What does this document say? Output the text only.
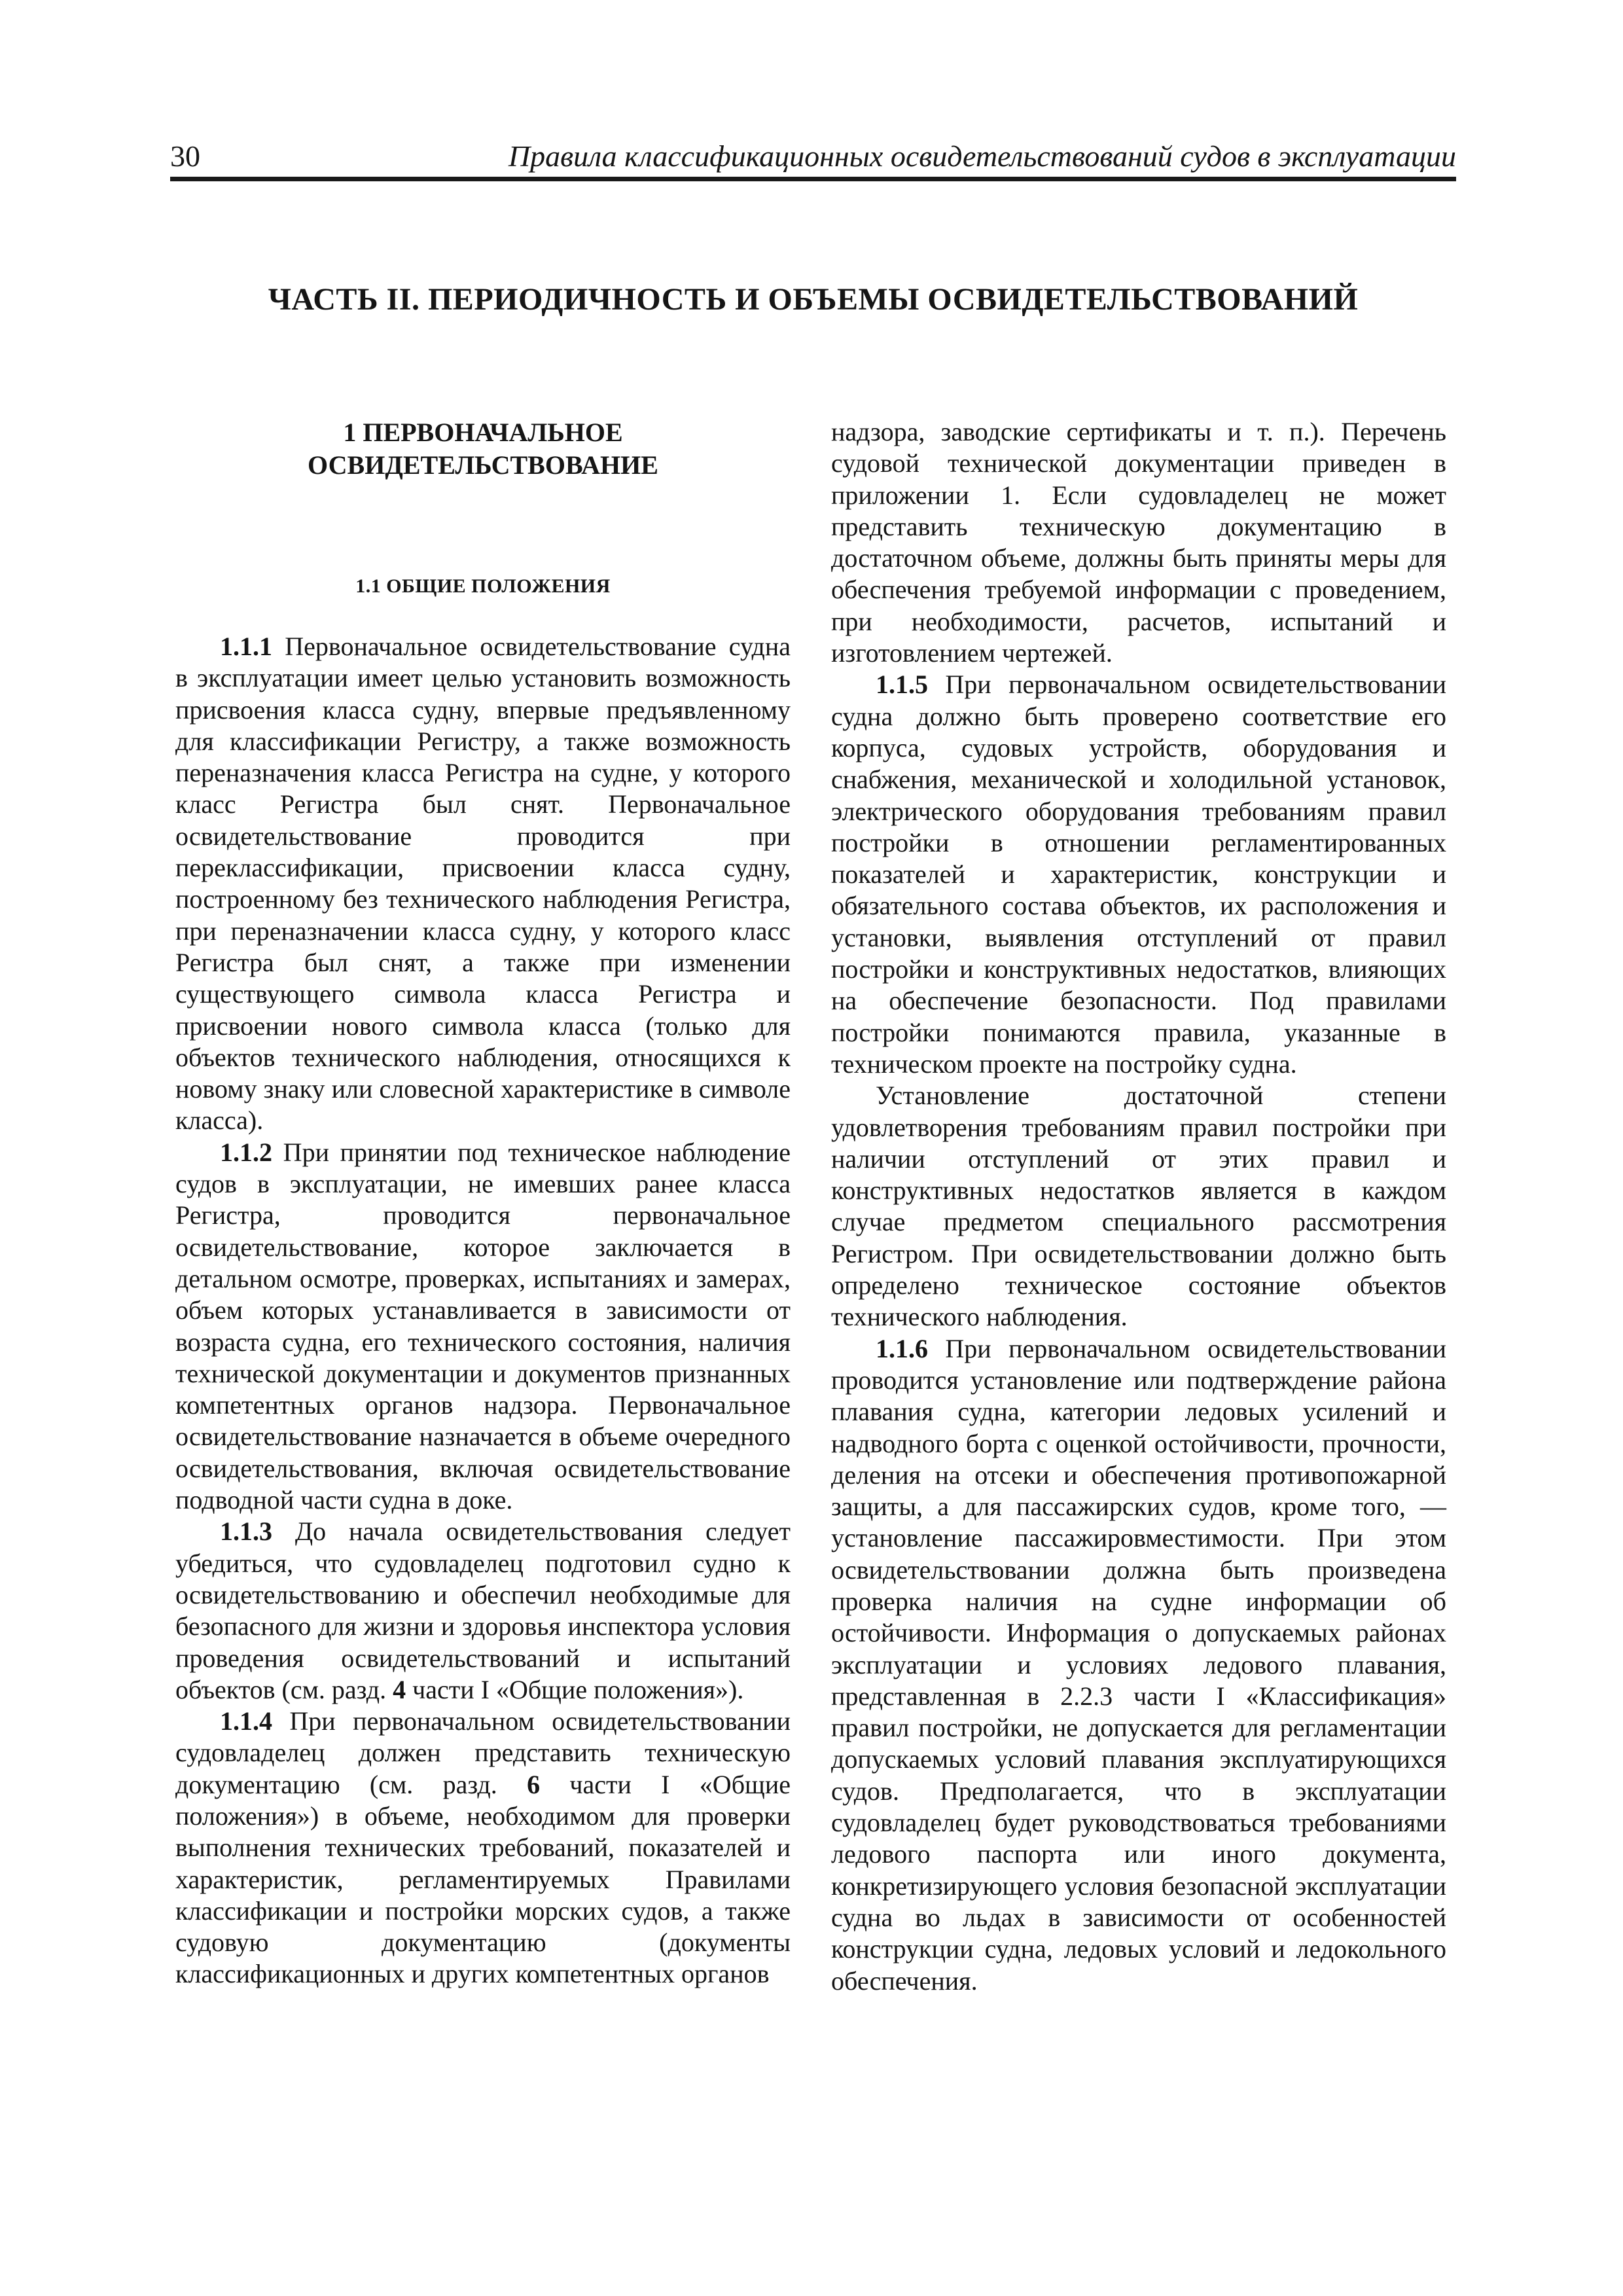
30	Правила классификационных освидетельствований судов в эксплуатации
ЧАСТЬ II. ПЕРИОДИЧНОСТЬ И ОБЪЕМЫ ОСВИДЕТЕЛЬСТВОВАНИЙ
1 ПЕРВОНАЧАЛЬНОЕ
ОСВИДЕТЕЛЬСТВОВАНИЕ
1.1 ОБЩИЕ ПОЛОЖЕНИЯ

1.1.1 Первоначальное освидетельствование судна в эксплуатации имеет целью установить возможность присвоения класса судну, впервые предъявленному для классификации Регистру, а также возможность переназначения класса Регистра на судне, у которого класс Регистра был снят. Первоначальное освидетельствование проводится при переклассификации, присвоении класса судну, построенному без технического наблюдения Регистра, при переназначении класса судну, у которого класс Регистра был снят, а также при изменении существующего символа класса Регистра и присвоении нового символа класса (только для объектов технического наблюдения, относящихся к новому знаку или словесной характеристике в символе класса).

1.1.2 При принятии под техническое наблюдение судов в эксплуатации, не имевших ранее класса Регистра, проводится первоначальное освидетельствование, которое заключается в детальном осмотре, проверках, испытаниях и замерах, объем которых устанавливается в зависимости от возраста судна, его технического состояния, наличия технической документации и документов признанных компетентных органов надзора. Первоначальное освидетельствование назначается в объеме очередного освидетельствования, включая освидетельствование подводной части судна в доке.

1.1.3 До начала освидетельствования следует убедиться, что судовладелец подготовил судно к освидетельствованию и обеспечил необходимые для безопасного для жизни и здоровья инспектора условия проведения освидетельствований и испытаний объектов (см. разд. 4 части I «Общие положения»).

1.1.4 При первоначальном освидетельствовании судовладелец должен представить техническую документацию (см. разд. 6 части I «Общие положения») в объеме, необходимом для проверки выполнения технических требований, показателей и характеристик, регламентируемых Правилами классификации и постройки морских судов, а также судовую документацию (документы классификационных и других компетентных органов

надзора, заводские сертификаты и т. п.). Перечень судовой технической документации приведен в приложении 1. Если судовладелец не может представить техническую документацию в достаточном объеме, должны быть приняты меры для обеспечения требуемой информации с проведением, при необходимости, расчетов, испытаний и изготовлением чертежей.

1.1.5 При первоначальном освидетельствовании судна должно быть проверено соответствие его корпуса, судовых устройств, оборудования и снабжения, механической и холодильной установок, электрического оборудования требованиям правил постройки в отношении регламентированных показателей и характеристик, конструкции и обязательного состава объектов, их расположения и установки, выявления отступлений от правил постройки и конструктивных недостатков, влияющих на обеспечение безопасности. Под правилами постройки понимаются правила, указанные в техническом проекте на постройку судна.

Установление достаточной степени удовлетворения требованиям правил постройки при наличии отступлений от этих правил и конструктивных недостатков является в каждом случае предметом специального рассмотрения Регистром. При освидетельствовании должно быть определено техническое состояние объектов технического наблюдения.

1.1.6 При первоначальном освидетельствовании проводится установление или подтверждение района плавания судна, категории ледовых усилений и надводного борта с оценкой остойчивости, прочности, деления на отсеки и обеспечения противопожарной защиты, а для пассажирских судов, кроме того, — установление пассажировместимости. При этом освидетельствовании должна быть произведена проверка наличия на судне информации об остойчивости. Информация о допускаемых районах эксплуатации и условиях ледового плавания, представленная в 2.2.3 части I «Классификация» правил постройки, не допускается для регламентации допускаемых условий плавания эксплуатирующихся судов. Предполагается, что в эксплуатации судовладелец будет руководствоваться требованиями ледового паспорта или иного документа, конкретизирующего условия безопасной эксплуатации судна во льдах в зависимости от особенностей конструкции судна, ледовых условий и ледокольного обеспечения.
